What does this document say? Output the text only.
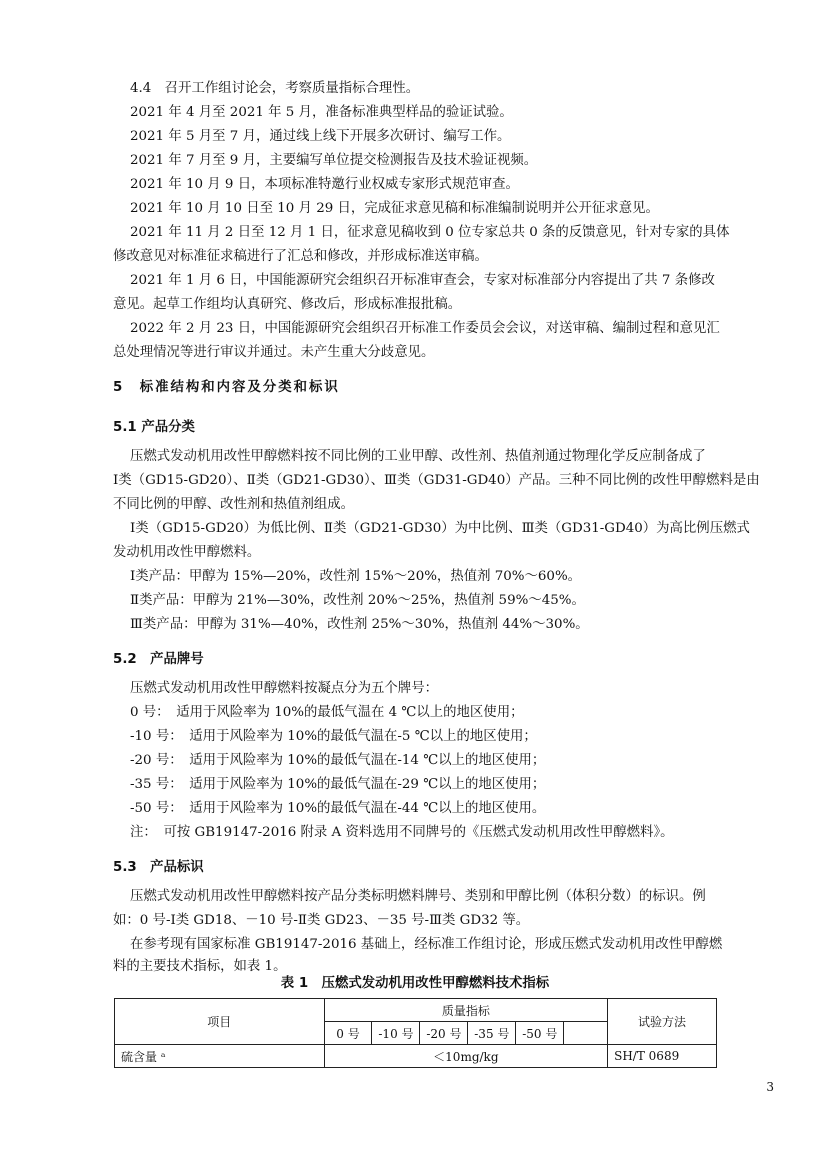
4.4　召开工作组讨论会，考察质量指标合理性。
2021 年 4 月至 2021 年 5 月，准备标准典型样品的验证试验。
2021 年 5 月至 7 月，通过线上线下开展多次研讨、编写工作。
2021 年 7 月至 9 月，主要编写单位提交检测报告及技术验证视频。
2021 年 10 月 9 日，本项标准特邀行业权威专家形式规范审查。
2021 年 10 月 10 日至 10 月 29 日，完成征求意见稿和标准编制说明并公开征求意见。
2021 年 11 月 2 日至 12 月 1 日，征求意见稿收到 0 位专家总共 0 条的反馈意见，针对专家的具体
修改意见对标准征求稿进行了汇总和修改，并形成标准送审稿。
2021 年 1 月 6 日，中国能源研究会组织召开标准审查会，专家对标准部分内容提出了共 7 条修改
意见。起草工作组均认真研究、修改后，形成标准报批稿。
2022 年 2 月 23 日，中国能源研究会组织召开标准工作委员会会议，对送审稿、编制过程和意见汇
总处理情况等进行审议并通过。未产生重大分歧意见。
5　标准结构和内容及分类和标识
5.1 产品分类
压燃式发动机用改性甲醇燃料按不同比例的工业甲醇、改性剂、热值剂通过物理化学反应制备成了
Ⅰ类（GD15-GD20）、Ⅱ类（GD21-GD30）、Ⅲ类（GD31-GD40）产品。三种不同比例的改性甲醇燃料是由
不同比例的甲醇、改性剂和热值剂组成。
Ⅰ类（GD15-GD20）为低比例、Ⅱ类（GD21-GD30）为中比例、Ⅲ类（GD31-GD40）为高比例压燃式
发动机用改性甲醇燃料。
Ⅰ类产品：甲醇为 15%—20%，改性剂 15%～20%，热值剂 70%～60%。
Ⅱ类产品：甲醇为 21%—30%，改性剂 20%～25%，热值剂 59%～45%。
Ⅲ类产品：甲醇为 31%—40%，改性剂 25%～30%，热值剂 44%～30%。
5.2　产品牌号
压燃式发动机用改性甲醇燃料按凝点分为五个牌号：
0 号：　适用于风险率为 10%的最低气温在 4 ℃以上的地区使用；
-10 号：　适用于风险率为 10%的最低气温在-5 ℃以上的地区使用；
-20 号：　适用于风险率为 10%的最低气温在-14 ℃以上的地区使用；
-35 号：　适用于风险率为 10%的最低气温在-29 ℃以上的地区使用；
-50 号：　适用于风险率为 10%的最低气温在-44 ℃以上的地区使用。
注：　可按 GB19147-2016 附录 A 资料选用不同牌号的《压燃式发动机用改性甲醇燃料》。
5.3　产品标识
压燃式发动机用改性甲醇燃料按产品分类标明燃料牌号、类别和甲醇比例（体积分数）的标识。例
如：0 号-Ⅰ类 GD18、－10 号-Ⅱ类 GD23、－35 号-Ⅲ类 GD32 等。
在参考现有国家标准 GB19147-2016 基础上，经标准工作组讨论，形成压燃式发动机用改性甲醇燃
料的主要技术指标，如表 1。
表 1　压燃式发动机用改性甲醇燃料技术指标
项目	质量指标						试验方法
	0 号	-10 号	-20 号	-35 号	-50 号		
硫含量 ᵃ	＜10mg/kg						SH/T 0689
3
